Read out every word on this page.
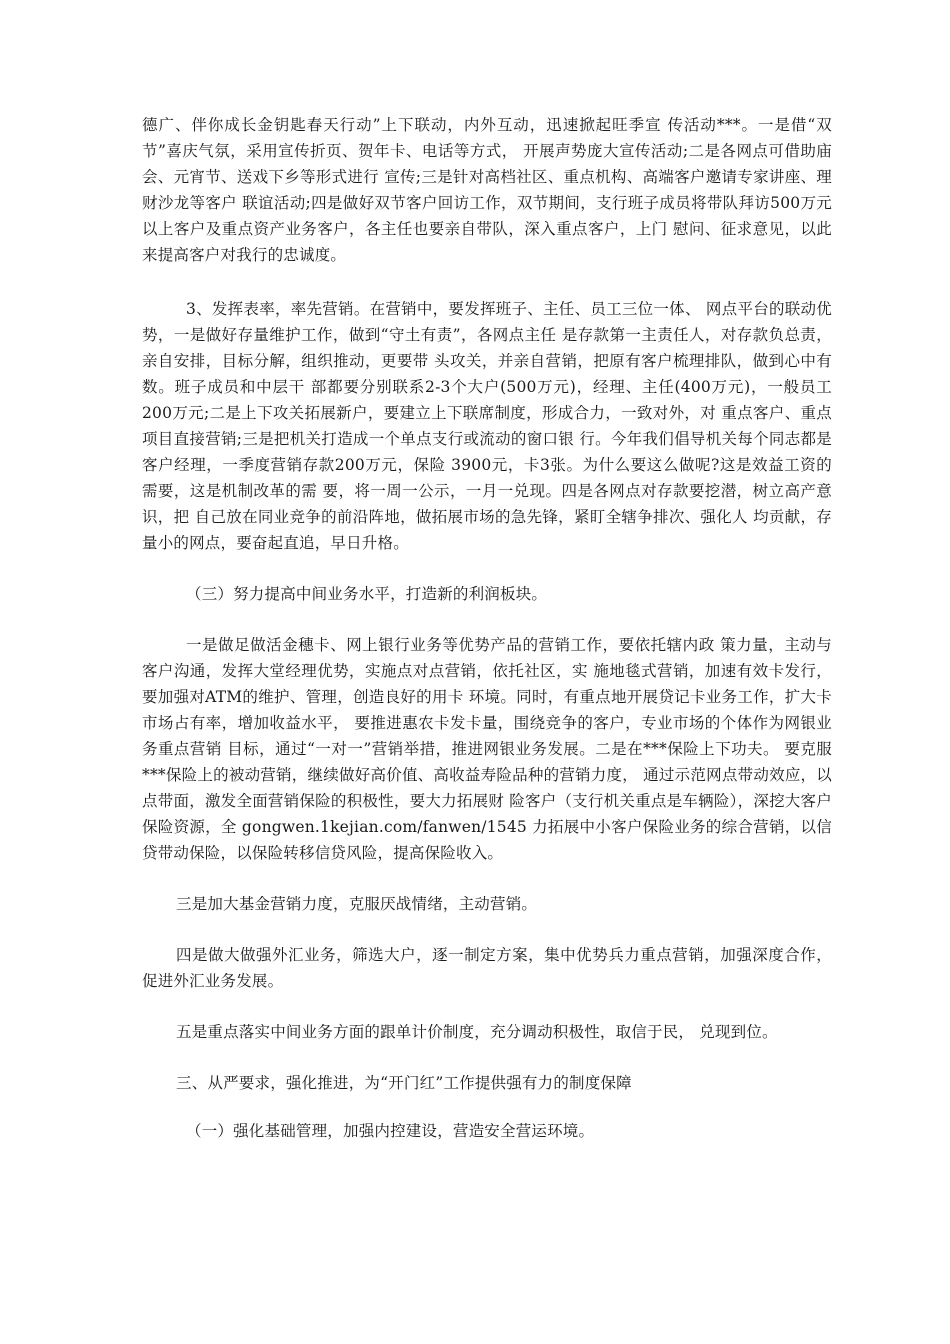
德广、伴你成长金钥匙春天行动”上下联动，内外互动，迅速掀起旺季宣 传活动***。一是借“双节”喜庆气氛，采用宣传折页、贺年卡、电话等方式， 开展声势庞大宣传活动;二是各网点可借助庙会、元宵节、送戏下乡等形式进行 宣传;三是针对高档社区、重点机构、高端客户邀请专家讲座、理财沙龙等客户 联谊活动;四是做好双节客户回访工作，双节期间，支行班子成员将带队拜访500万元以上客户及重点资产业务客户，各主任也要亲自带队，深入重点客户，上门 慰问、征求意见，以此来提高客户对我行的忠诚度。

3、发挥表率，率先营销。在营销中，要发挥班子、主任、员工三位一体、 网点平台的联动优势，一是做好存量维护工作，做到“守土有责”，各网点主任 是存款第一主责任人，对存款负总责，亲自安排，目标分解，组织推动，更要带 头攻关，并亲自营销，把原有客户梳理排队，做到心中有数。班子成员和中层干 部都要分别联系2-3个大户(500万元)，经理、主任(400万元)，一般员工200万元;二是上下攻关拓展新户，要建立上下联席制度，形成合力，一致对外，对 重点客户、重点项目直接营销;三是把机关打造成一个单点支行或流动的窗口银 行。今年我们倡导机关每个同志都是客户经理，一季度营销存款200万元，保险 3900元，卡3张。为什么要这么做呢?这是效益工资的需要，这是机制改革的需 要，将一周一公示，一月一兑现。四是各网点对存款要挖潜，树立高产意识，把 自己放在同业竞争的前沿阵地，做拓展市场的急先锋，紧盯全辖争排次、强化人 均贡献，存量小的网点，要奋起直追，早日升格。

（三）努力提高中间业务水平，打造新的利润板块。

一是做足做活金穗卡、网上银行业务等优势产品的营销工作，要依托辖内政 策力量，主动与客户沟通，发挥大堂经理优势，实施点对点营销，依托社区，实 施地毯式营销，加速有效卡发行，要加强对ATM的维护、管理，创造良好的用卡 环境。同时，有重点地开展贷记卡业务工作，扩大卡市场占有率，增加收益水平， 要推进惠农卡发卡量，围绕竞争的客户，专业市场的个体作为网银业务重点营销 目标，通过“一对一”营销举措，推进网银业务发展。二是在***保险上下功夫。 要克服***保险上的被动营销，继续做好高价值、高收益寿险品种的营销力度， 通过示范网点带动效应，以点带面，激发全面营销保险的积极性，要大力拓展财 险客户（支行机关重点是车辆险），深挖大客户保险资源，全 gongwen.1kejian.com/fanwen/1545 力拓展中小客户保险业务的综合营销，以信 贷带动保险，以保险转移信贷风险，提高保险收入。

三是加大基金营销力度，克服厌战情绪，主动营销。

四是做大做强外汇业务，筛选大户，逐一制定方案，集中优势兵力重点营销，加强深度合作，促进外汇业务发展。

五是重点落实中间业务方面的跟单计价制度，充分调动积极性，取信于民， 兑现到位。

三、从严要求，强化推进，为“开门红”工作提供强有力的制度保障

（一）强化基础管理，加强内控建设，营造安全营运环境。
